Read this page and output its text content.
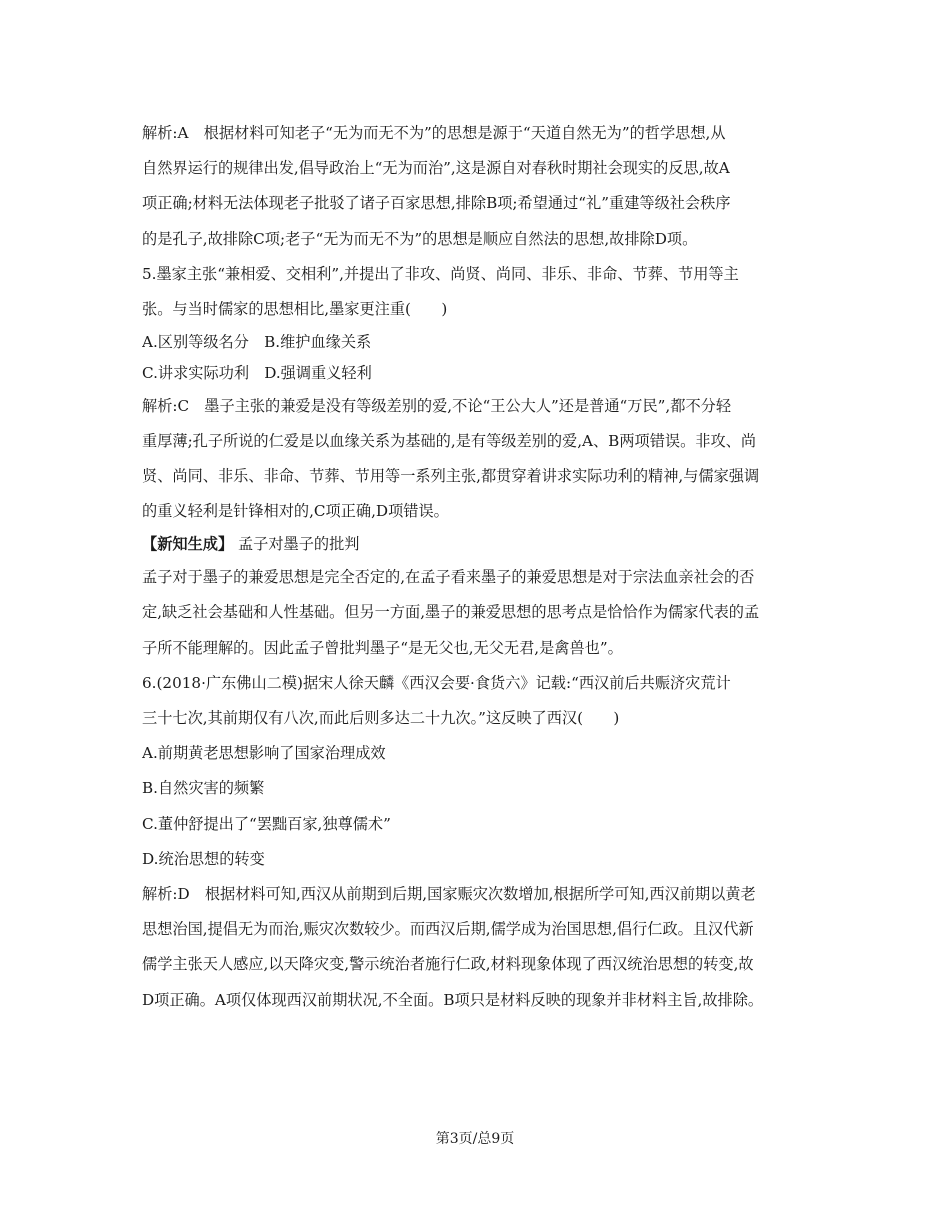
解析:A　根据材料可知老子“无为而无不为”的思想是源于“天道自然无为”的哲学思想,从
自然界运行的规律出发,倡导政治上“无为而治”,这是源自对春秋时期社会现实的反思,故A
项正确;材料无法体现老子批驳了诸子百家思想,排除B项;希望通过“礼”重建等级社会秩序
的是孔子,故排除C项;老子“无为而无不为”的思想是顺应自然法的思想,故排除D项。
5.墨家主张“兼相爱、交相利”,并提出了非攻、尚贤、尚同、非乐、非命、节葬、节用等主
张。与当时儒家的思想相比,墨家更注重(　　)
A.区别等级名分　B.维护血缘关系
C.讲求实际功利　D.强调重义轻利
解析:C　墨子主张的兼爱是没有等级差别的爱,不论“王公大人”还是普通“万民”,都不分轻
重厚薄;孔子所说的仁爱是以血缘关系为基础的,是有等级差别的爱,A、B两项错误。非攻、尚
贤、尚同、非乐、非命、节葬、节用等一系列主张,都贯穿着讲求实际功利的精神,与儒家强调
的重义轻利是针锋相对的,C项正确,D项错误。
【新知生成】 孟子对墨子的批判
孟子对于墨子的兼爱思想是完全否定的,在孟子看来墨子的兼爱思想是对于宗法血亲社会的否
定,缺乏社会基础和人性基础。但另一方面,墨子的兼爱思想的思考点是恰恰作为儒家代表的孟
子所不能理解的。因此孟子曾批判墨子“是无父也,无父无君,是禽兽也”。
6.(2018·广东佛山二模)据宋人徐天麟《西汉会要·食货六》记载:“西汉前后共赈济灾荒计
三十七次,其前期仅有八次,而此后则多达二十九次。”这反映了西汉(　　)
A.前期黄老思想影响了国家治理成效
B.自然灾害的频繁
C.董仲舒提出了“罢黜百家,独尊儒术”
D.统治思想的转变
解析:D　根据材料可知,西汉从前期到后期,国家赈灾次数增加,根据所学可知,西汉前期以黄老
思想治国,提倡无为而治,赈灾次数较少。而西汉后期,儒学成为治国思想,倡行仁政。且汉代新
儒学主张天人感应,以天降灾变,警示统治者施行仁政,材料现象体现了西汉统治思想的转变,故
D项正确。A项仅体现西汉前期状况,不全面。B项只是材料反映的现象并非材料主旨,故排除。
第3页/总9页
